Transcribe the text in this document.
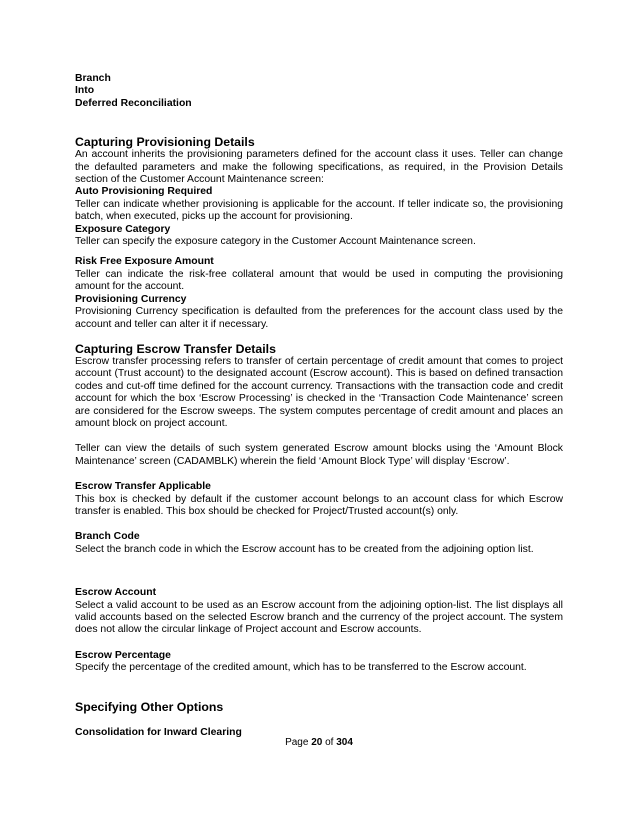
Branch
Into
Deferred Reconciliation
Capturing Provisioning Details

An account inherits the provisioning parameters defined for the account class it uses. Teller can change the defaulted parameters and make the following specifications, as required, in the Provision Details section of the Customer Account Maintenance screen:

Auto Provisioning Required

Teller can indicate whether provisioning is applicable for the account. If teller indicate so, the provisioning batch, when executed, picks up the account for provisioning.

Exposure Category

Teller can specify the exposure category in the Customer Account Maintenance screen.

Risk Free Exposure Amount

Teller can indicate the risk-free collateral amount that would be used in computing the provisioning amount for the account.

Provisioning Currency

Provisioning Currency specification is defaulted from the preferences for the account class used by the account and teller can alter it if necessary.

Capturing Escrow Transfer Details

Escrow transfer processing refers to transfer of certain percentage of credit amount that comes to project account (Trust account) to the designated account (Escrow account). This is based on defined transaction codes and cut-off time defined for the account currency. Transactions with the transaction code and credit account for which the box ‘Escrow Processing’ is checked in the ‘Transaction Code Maintenance’ screen are considered for the Escrow sweeps. The system computes percentage of credit amount and places an amount block on project account.

Teller can view the details of such system generated Escrow amount blocks using the ‘Amount Block Maintenance’ screen (CADAMBLK) wherein the field ‘Amount Block Type’ will display ‘Escrow’.

Escrow Transfer Applicable

This box is checked by default if the customer account belongs to an account class for which Escrow transfer is enabled. This box should be checked for Project/Trusted account(s) only.

Branch Code

Select the branch code in which the Escrow account has to be created from the adjoining option list.

Escrow Account

Select a valid account to be used as an Escrow account from the adjoining option-list. The list displays all valid accounts based on the selected Escrow branch and the currency of the project account. The system does not allow the circular linkage of Project account and Escrow accounts.

Escrow Percentage

Specify the percentage of the credited amount, which has to be transferred to the Escrow account.

Specifying Other Options
Consolidation for Inward Clearing
Page 20 of 304
